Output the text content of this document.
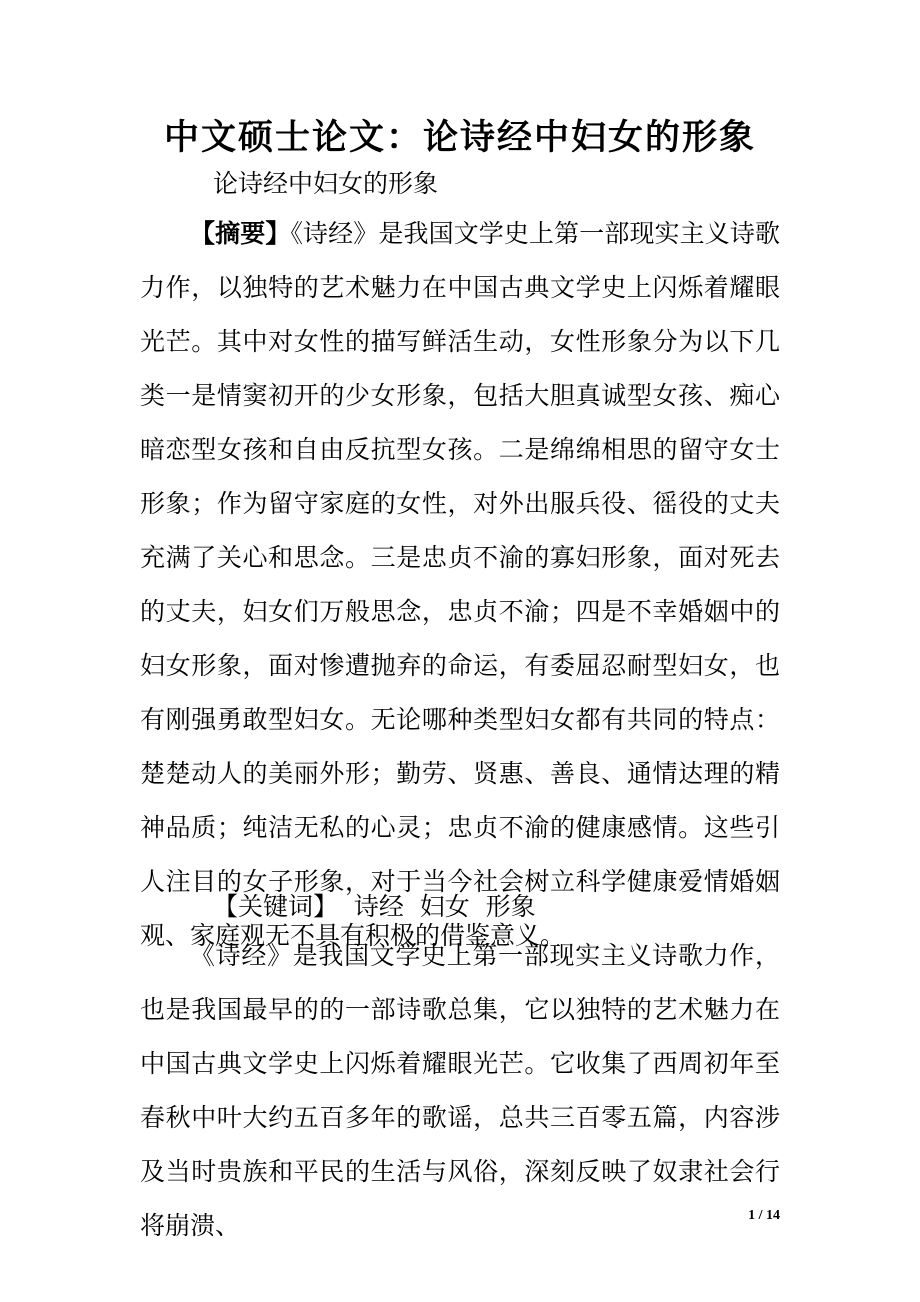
中文硕士论文：论诗经中妇女的形象
论诗经中妇女的形象
【摘要】《诗经》是我国文学史上第一部现实主义诗歌力作，以独特的艺术魅力在中国古典文学史上闪烁着耀眼光芒。其中对女性的描写鲜活生动，女性形象分为以下几类一是情窦初开的少女形象，包括大胆真诚型女孩、痴心暗恋型女孩和自由反抗型女孩。二是绵绵相思的留守女士形象；作为留守家庭的女性，对外出服兵役、徭役的丈夫充满了关心和思念。三是忠贞不渝的寡妇形象，面对死去的丈夫，妇女们万般思念，忠贞不渝；四是不幸婚姻中的妇女形象，面对惨遭抛弃的命运，有委屈忍耐型妇女，也有刚强勇敢型妇女。无论哪种类型妇女都有共同的特点：楚楚动人的美丽外形；勤劳、贤惠、善良、通情达理的精神品质；纯洁无私的心灵；忠贞不渝的健康感情。这些引人注目的女子形象，对于当今社会树立科学健康爱情婚姻观、家庭观无不具有积极的借鉴意义。
【关键词】  诗经  妇女  形象
《诗经》是我国文学史上第一部现实主义诗歌力作，也是我国最早的的一部诗歌总集，它以独特的艺术魅力在中国古典文学史上闪烁着耀眼光芒。它收集了西周初年至春秋中叶大约五百多年的歌谣，总共三百零五篇，内容涉及当时贵族和平民的生活与风俗，深刻反映了奴隶社会行将崩溃、	1 / 14
